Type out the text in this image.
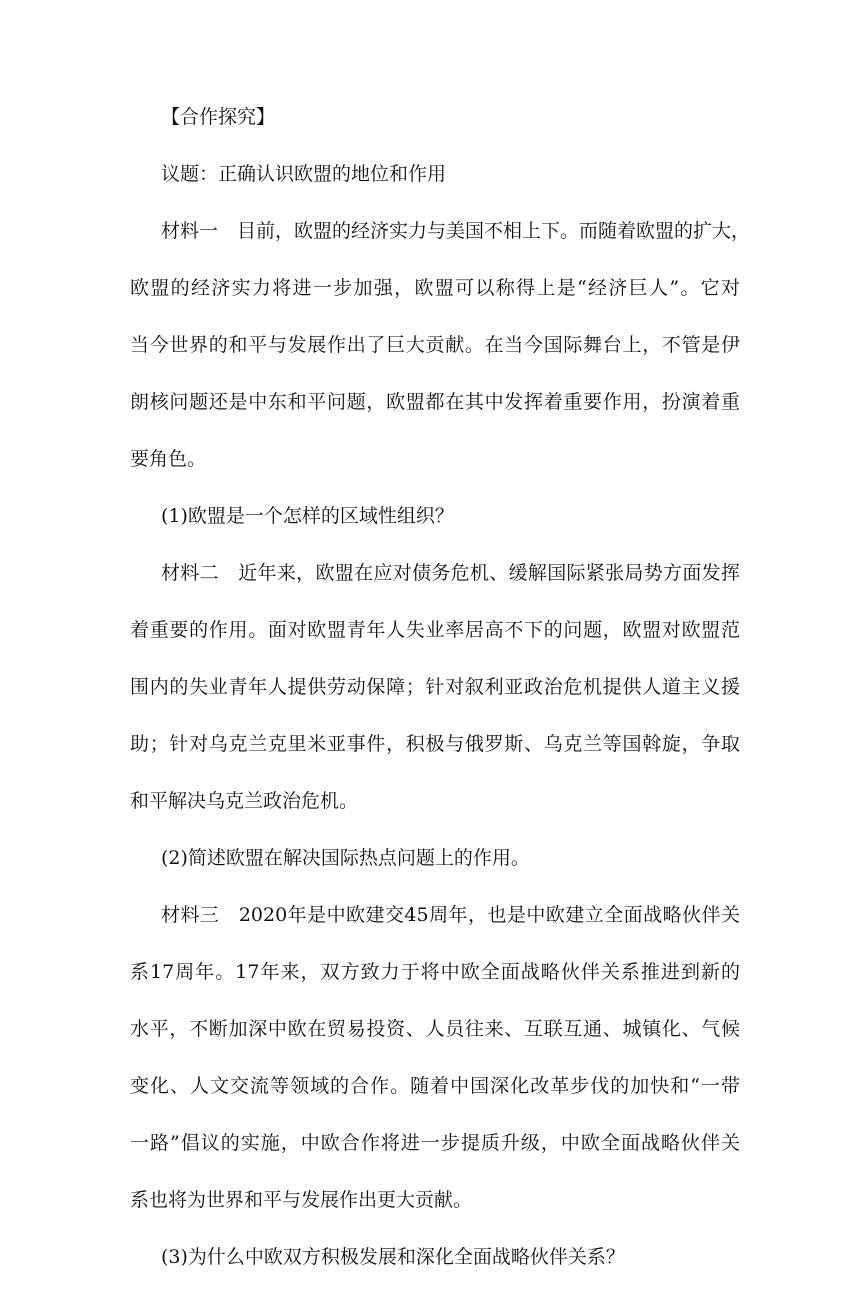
【合作探究】
议题：正确认识欧盟的地位和作用
材料一　目前，欧盟的经济实力与美国不相上下。而随着欧盟的扩大，
欧盟的经济实力将进一步加强，欧盟可以称得上是“经济巨人”。它对
当今世界的和平与发展作出了巨大贡献。在当今国际舞台上，不管是伊
朗核问题还是中东和平问题，欧盟都在其中发挥着重要作用，扮演着重
要角色。
(1)欧盟是一个怎样的区域性组织？
材料二　近年来，欧盟在应对债务危机、缓解国际紧张局势方面发挥
着重要的作用。面对欧盟青年人失业率居高不下的问题，欧盟对欧盟范
围内的失业青年人提供劳动保障；针对叙利亚政治危机提供人道主义援
助；针对乌克兰克里米亚事件，积极与俄罗斯、乌克兰等国斡旋，争取
和平解决乌克兰政治危机。
(2)简述欧盟在解决国际热点问题上的作用。
材料三　2020年是中欧建交45周年，也是中欧建立全面战略伙伴关
系17周年。17年来，双方致力于将中欧全面战略伙伴关系推进到新的
水平，不断加深中欧在贸易投资、人员往来、互联互通、城镇化、气候
变化、人文交流等领域的合作。随着中国深化改革步伐的加快和“一带
一路”倡议的实施，中欧合作将进一步提质升级，中欧全面战略伙伴关
系也将为世界和平与发展作出更大贡献。
(3)为什么中欧双方积极发展和深化全面战略伙伴关系？
